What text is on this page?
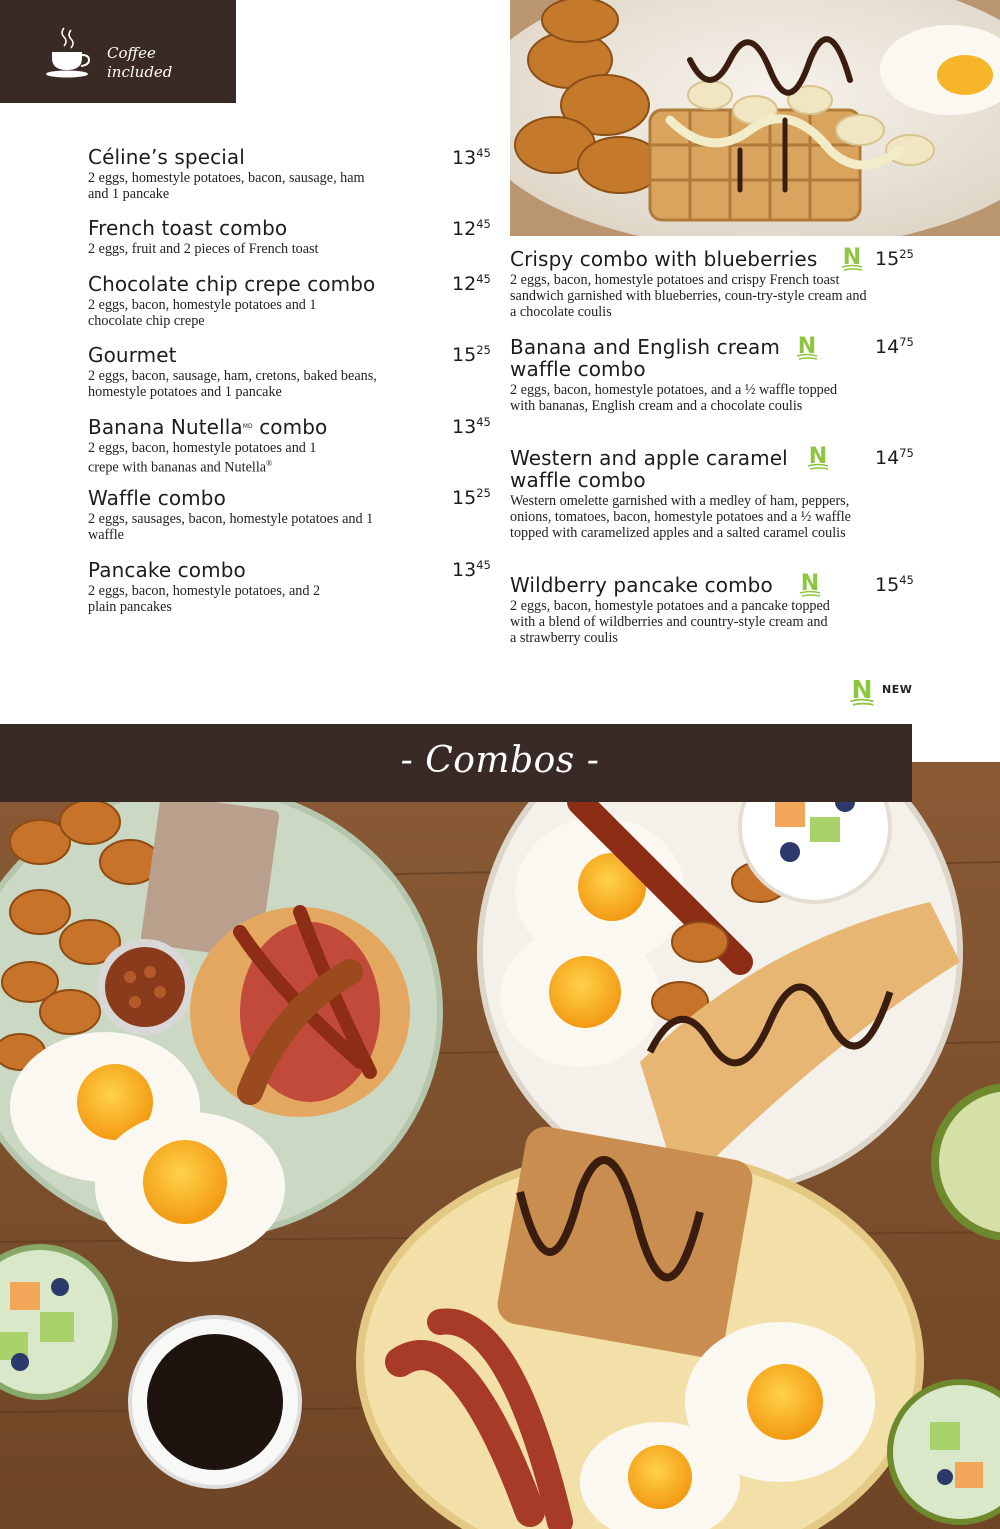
Coffee included
Céline’s special
2 eggs, homestyle potatoes, bacon, sausage, ham and 1 pancake
$13^{45}$
French toast combo
2 eggs, fruit and 2 pieces of French toast
$12^{45}$
Chocolate chip crepe combo
2 eggs, bacon, homestyle potatoes and 1 chocolate chip crepe
$12^{45}$
Gourmet
2 eggs, bacon, sausage, ham, cretons, baked beans, homestyle potatoes and 1 pancake
$15^{25}$
Banana Nutella$^{MD}$ combo
2 eggs, bacon, homestyle potatoes and 1 crepe with bananas and Nutella®
$13^{45}$
Waffle combo
2 eggs, sausages, bacon, homestyle potatoes and 1 waffle
$15^{25}$
Pancake combo
2 eggs, bacon, homestyle potatoes, and 2 plain pancakes
$13^{45}$
Crispy combo with blueberries
2 eggs, bacon, homestyle potatoes and crispy French toast sandwich garnished with blueberries, coun-try-style cream and a chocolate coulis
N $15^{25}$
Banana and English cream
waffle combo
2 eggs, bacon, homestyle potatoes, and a ½ waffle topped with bananas, English cream and a chocolate coulis
N	$14^{75}$
Western and apple caramel
waffle combo
Western omelette garnished with a medley of ham, peppers, onions, tomatoes, bacon, homestyle potatoes and a ½ waffle topped with caramelized apples and a salted caramel coulis
N	$14^{75}$
Wildberry pancake combo
2 eggs, bacon, homestyle potatoes and a pancake topped with a blend of wildberries and country-style cream and a strawberry coulis
N	$15^{45}$
N NEW
- Combos -
